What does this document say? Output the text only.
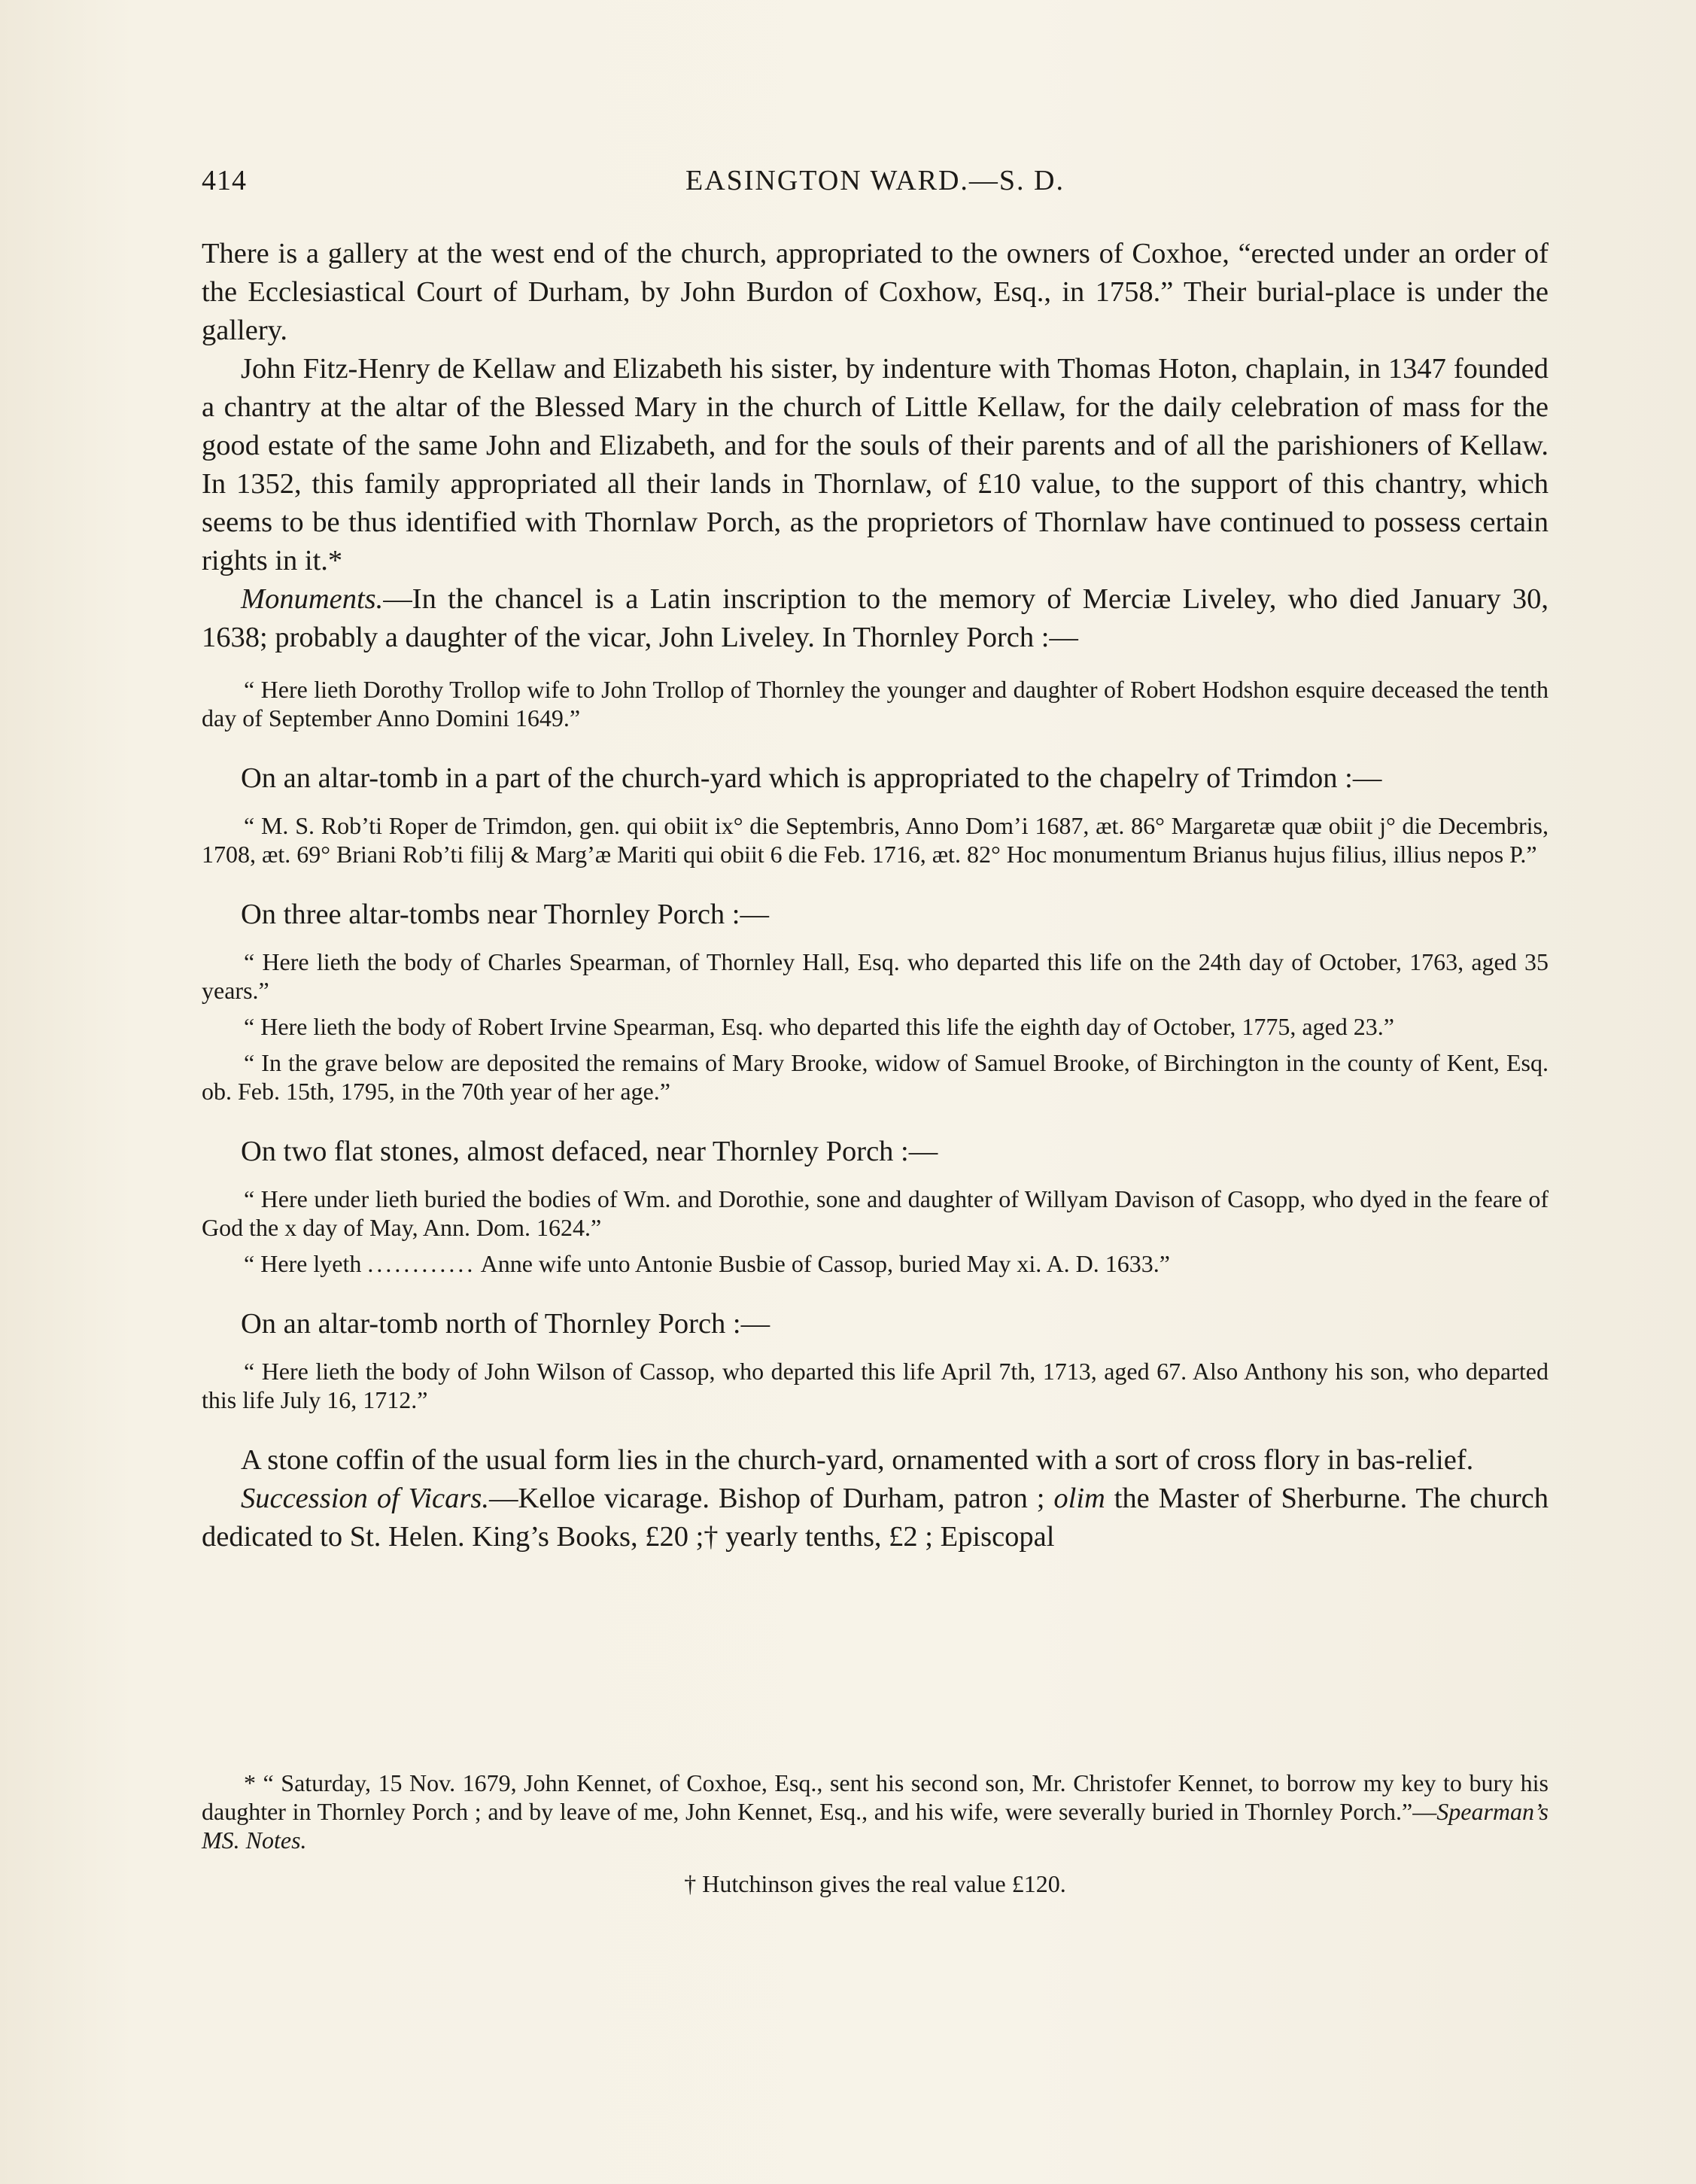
414	EASINGTON WARD.—S. D.

There is a gallery at the west end of the church, appropriated to the owners of Coxhoe, “erected under an order of the Ecclesiastical Court of Durham, by John Burdon of Coxhow, Esq., in 1758.” Their burial-place is under the gallery.

John Fitz-Henry de Kellaw and Elizabeth his sister, by indenture with Thomas Hoton, chaplain, in 1347 founded a chantry at the altar of the Blessed Mary in the church of Little Kellaw, for the daily celebration of mass for the good estate of the same John and Elizabeth, and for the souls of their parents and of all the parishioners of Kellaw. In 1352, this family appropriated all their lands in Thornlaw, of £10 value, to the support of this chantry, which seems to be thus identified with Thornlaw Porch, as the proprietors of Thornlaw have continued to possess certain rights in it.*

Monuments.—In the chancel is a Latin inscription to the memory of Merciæ Liveley, who died January 30, 1638; probably a daughter of the vicar, John Liveley. In Thornley Porch :—

“ Here lieth Dorothy Trollop wife to John Trollop of Thornley the younger and daughter of Robert Hodshon esquire deceased the tenth day of September Anno Domini 1649.”

On an altar-tomb in a part of the church-yard which is appropriated to the chapelry of Trimdon :—

“ M. S. Rob’ti Roper de Trimdon, gen. qui obiit ix° die Septembris, Anno Dom’i 1687, æt. 86° Margaretæ quæ obiit j° die Decembris, 1708, æt. 69° Briani Rob’ti filij & Marg’æ Mariti qui obiit 6 die Feb. 1716, æt. 82° Hoc monumentum Brianus hujus filius, illius nepos P.”

On three altar-tombs near Thornley Porch :—

“ Here lieth the body of Charles Spearman, of Thornley Hall, Esq. who departed this life on the 24th day of October, 1763, aged 35 years.”

“ Here lieth the body of Robert Irvine Spearman, Esq. who departed this life the eighth day of October, 1775, aged 23.”

“ In the grave below are deposited the remains of Mary Brooke, widow of Samuel Brooke, of Birchington in the county of Kent, Esq. ob. Feb. 15th, 1795, in the 70th year of her age.”

On two flat stones, almost defaced, near Thornley Porch :—

“ Here under lieth buried the bodies of Wm. and Dorothie, sone and daughter of Willyam Davison of Casopp, who dyed in the feare of God the x day of May, Ann. Dom. 1624.”

“ Here lyeth ............ Anne wife unto Antonie Busbie of Cassop, buried May xi. A. D. 1633.”

On an altar-tomb north of Thornley Porch :—

“ Here lieth the body of John Wilson of Cassop, who departed this life April 7th, 1713, aged 67. Also Anthony his son, who departed this life July 16, 1712.”

A stone coffin of the usual form lies in the church-yard, ornamented with a sort of cross flory in bas-relief.

Succession of Vicars.—Kelloe vicarage. Bishop of Durham, patron ; olim the Master of Sherburne. The church dedicated to St. Helen. King’s Books, £20 ;† yearly tenths, £2 ; Episcopal

* “ Saturday, 15 Nov. 1679, John Kennet, of Coxhoe, Esq., sent his second son, Mr. Christofer Kennet, to borrow my key to bury his daughter in Thornley Porch ; and by leave of me, John Kennet, Esq., and his wife, were severally buried in Thornley Porch.”—Spearman’s MS. Notes.

† Hutchinson gives the real value £120.
